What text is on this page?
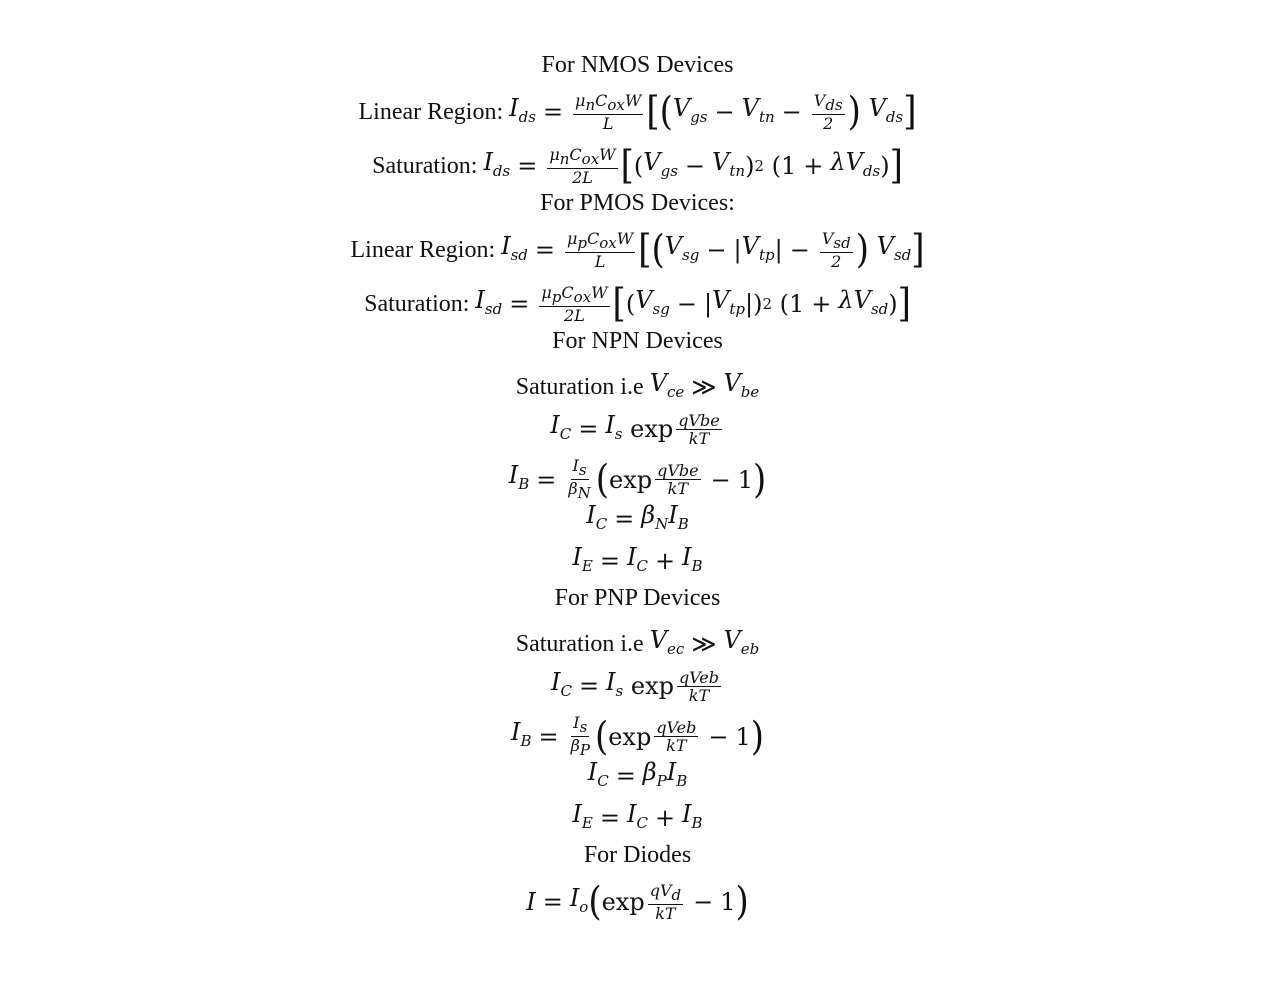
For NMOS Devices
Linear Region: $I_{ds} = \frac{\mu_nC_{ox}W}{L}$ [ ( $V_{gs} - V_{tn} - \frac{V_{ds}}{2}$ )
$V_{ds}$ ]
Saturation: $I_{ds} = \frac{\mu_nC_{ox}W}{2L}$ [ ( $V_{gs} - V_{tn}$ ) 2 ($1 + \lambda V_{ds}$ ) ]
For PMOS Devices:
Linear Region: $I_{sd} = \frac{\mu_pC_{ox}W}{L}$ [ ( $V_{sg}$ − | $V_{tp}$ | − $\frac{V_{sd}}{2}$ )
$V_{sd}$ ]
Saturation: $I_{sd} = \frac{\mu_pC_{ox}W}{2L}$ [ ( $V_{sg}$ − | $V_{tp}$ |) 2 ($1 + \lambda V_{sd}$ ) ]
For NPN Devices
Saturation i.e $V_{ce}$ ≫ $V_{be}$
$I_C = I_s$ $\exp \frac{\text{qVbe}}{kT}$
$I_B = \frac{I_s}{\beta_N}$ ( $\exp \frac{\text{qVbe}}{kT} - 1$ )
$I_C = \beta_NI_B$
$I_E = I_C + I_B$
For PNP Devices
Saturation i.e $V_{ec}$ ≫ $V_{eb}$
$I_C = I_s$ $\exp \frac{\text{qVeb}}{kT}$
$I_B = \frac{I_s}{\beta_P}$ ( $\exp \frac{\text{qVeb}}{kT} - 1$ )
$I_C = \beta_PI_B$
$I_E = I_C + I_B$
For Diodes
$I = I_o$ ( $\exp \frac{qV_d}{kT} - 1$ )
